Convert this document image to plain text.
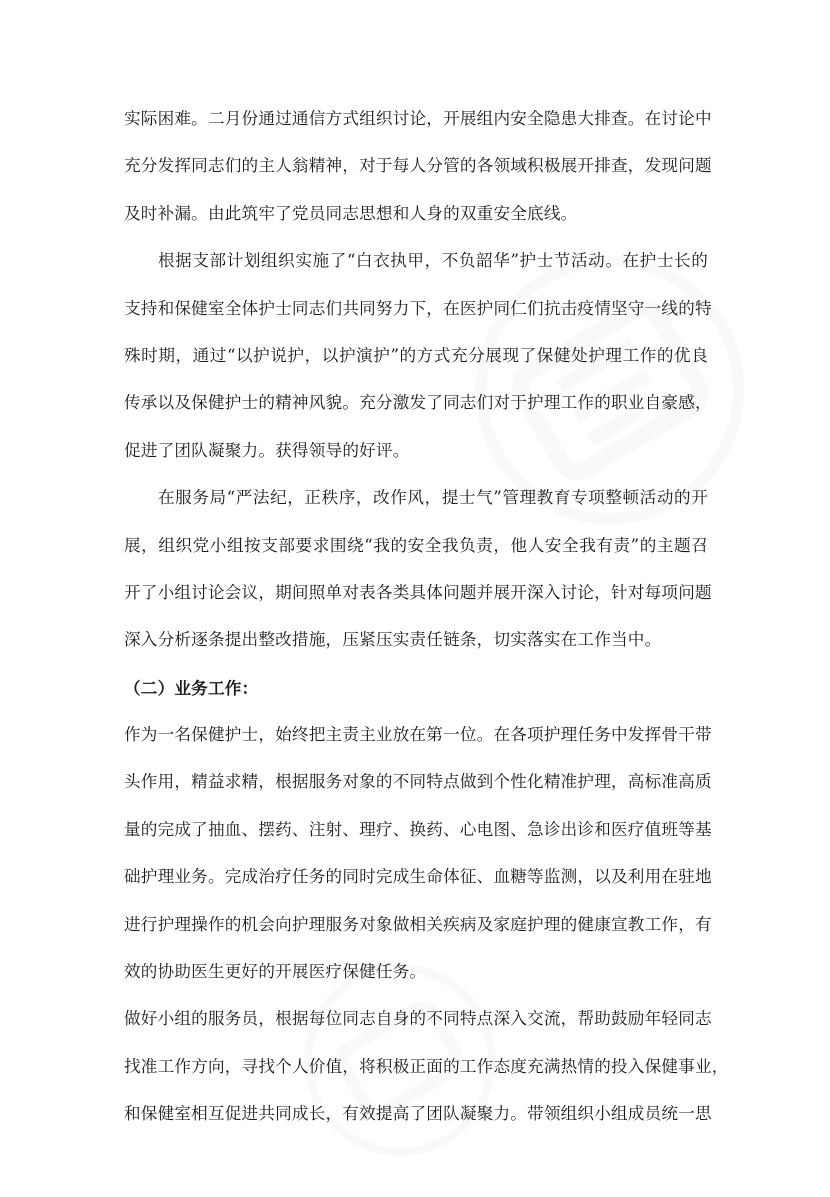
实际困难。二月份通过通信方式组织讨论，开展组内安全隐患大排查。在讨论中
充分发挥同志们的主人翁精神，对于每人分管的各领域积极展开排查，发现问题
及时补漏。由此筑牢了党员同志思想和人身的双重安全底线。
根据支部计划组织实施了“白衣执甲，不负韶华”护士节活动。在护士长的
支持和保健室全体护士同志们共同努力下，在医护同仁们抗击疫情坚守一线的特
殊时期，通过“以护说护，以护演护”的方式充分展现了保健处护理工作的优良
传承以及保健护士的精神风貌。充分激发了同志们对于护理工作的职业自豪感，
促进了团队凝聚力。获得领导的好评。
在服务局“严法纪，正秩序，改作风，提士气”管理教育专项整顿活动的开
展，组织党小组按支部要求围绕“我的安全我负责，他人安全我有责”的主题召
开了小组讨论会议，期间照单对表各类具体问题并展开深入讨论，针对每项问题
深入分析逐条提出整改措施，压紧压实责任链条，切实落实在工作当中。
（二）业务工作：
作为一名保健护士，始终把主责主业放在第一位。在各项护理任务中发挥骨干带
头作用，精益求精，根据服务对象的不同特点做到个性化精准护理，高标准高质
量的完成了抽血、摆药、注射、理疗、换药、心电图、急诊出诊和医疗值班等基
础护理业务。完成治疗任务的同时完成生命体征、血糖等监测，以及利用在驻地
进行护理操作的机会向护理服务对象做相关疾病及家庭护理的健康宣教工作，有
效的协助医生更好的开展医疗保健任务。
做好小组的服务员，根据每位同志自身的不同特点深入交流，帮助鼓励年轻同志
找准工作方向，寻找个人价值，将积极正面的工作态度充满热情的投入保健事业，
和保健室相互促进共同成长，有效提高了团队凝聚力。带领组织小组成员统一思
